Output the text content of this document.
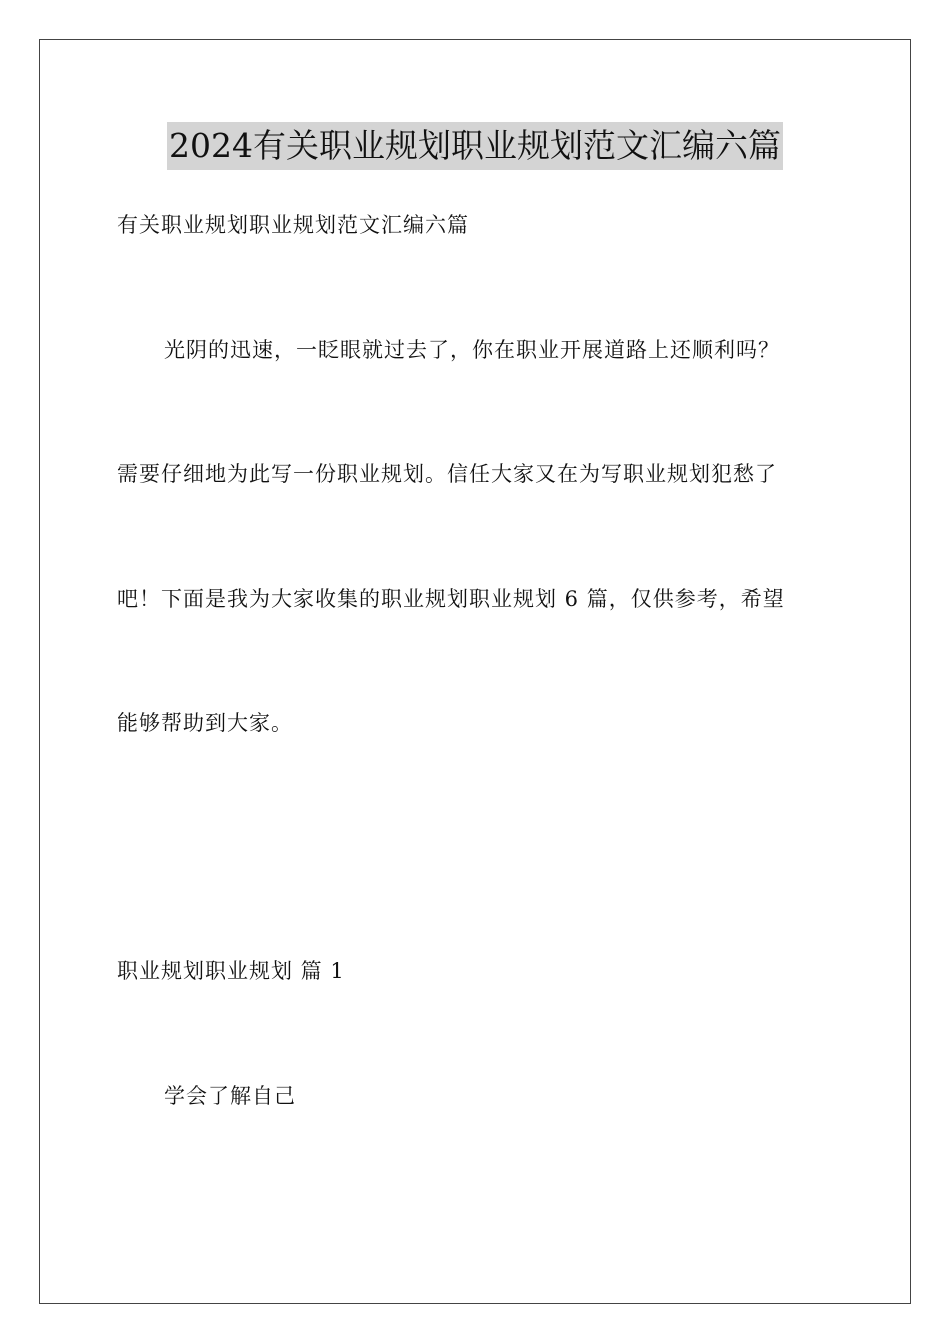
2024有关职业规划职业规划范文汇编六篇
有关职业规划职业规划范文汇编六篇
光阴的迅速，一眨眼就过去了，你在职业开展道路上还顺利吗？
需要仔细地为此写一份职业规划。信任大家又在为写职业规划犯愁了
吧！下面是我为大家收集的职业规划职业规划 6 篇，仅供参考，希望
能够帮助到大家。
职业规划职业规划 篇 1
学会了解自己
